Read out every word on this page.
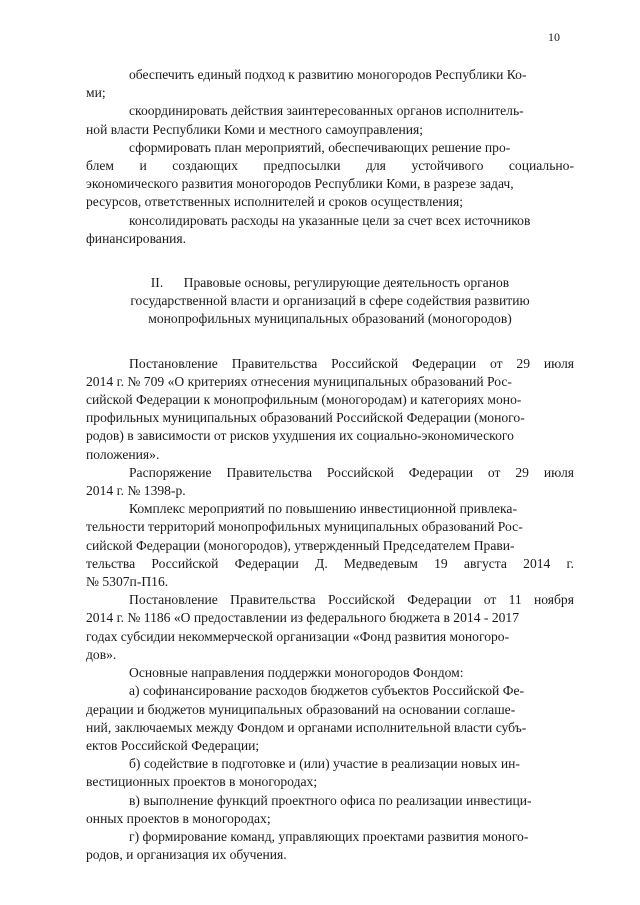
10
обеспечить единый подход к развитию моногородов Республики Ко-
ми;
скоординировать действия заинтересованных органов исполнитель-
ной власти Республики Коми и местного самоуправления;
сформировать план мероприятий, обеспечивающих решение про-
блем и создающих предпосылки для устойчивого социально-
экономического развития моногородов Республики Коми, в разрезе задач,
ресурсов, ответственных исполнителей и сроков осуществления;
консолидировать расходы на указанные цели за счет всех источников
финансирования.
II.      Правовые основы, регулирующие деятельность органов
государственной власти и организаций в сфере содействия развитию
монопрофильных муниципальных образований (моногородов)
Постановление Правительства Российской Федерации от 29 июля
2014 г. № 709 «О критериях отнесения муниципальных образований Рос-
сийской Федерации к монопрофильным (моногородам) и категориях моно-
профильных муниципальных образований Российской Федерации (моного-
родов) в зависимости от рисков ухудшения их социально-экономического
положения».
Распоряжение Правительства Российской Федерации от 29 июля
2014 г. № 1398-р.
Комплекс мероприятий по повышению инвестиционной привлека-
тельности территорий монопрофильных муниципальных образований Рос-
сийской Федерации (моногородов), утвержденный Председателем Прави-
тельства Российской Федерации Д. Медведевым 19 августа 2014 г.
№ 5307п-П16.
Постановление Правительства Российской Федерации от 11 ноября
2014 г. № 1186 «О предоставлении из федерального бюджета в 2014 - 2017
годах субсидии некоммерческой организации «Фонд развития моногоро-
дов».
Основные направления поддержки моногородов Фондом:
а) софинансирование расходов бюджетов субъектов Российской Фе-
дерации и бюджетов муниципальных образований на основании соглаше-
ний, заключаемых между Фондом и органами исполнительной власти субъ-
ектов Российской Федерации;
б) содействие в подготовке и (или) участие в реализации новых ин-
вестиционных проектов в моногородах;
в) выполнение функций проектного офиса по реализации инвестици-
онных проектов в моногородах;
г) формирование команд, управляющих проектами развития моного-
родов, и организация их обучения.
